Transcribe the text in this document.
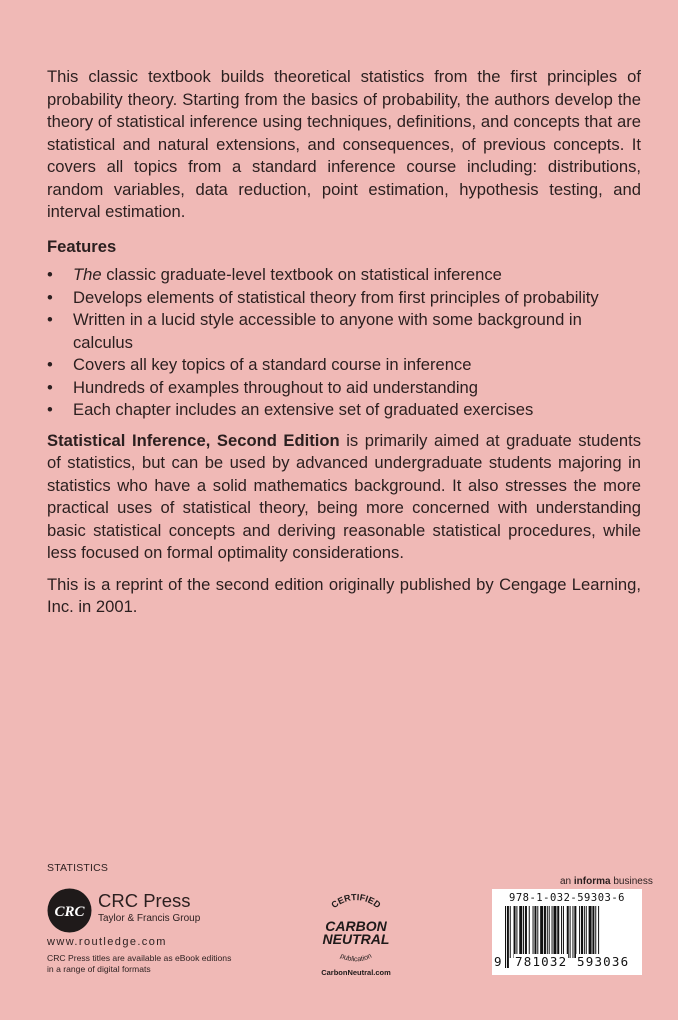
This classic textbook builds theoretical statistics from the first principles of probability theory. Starting from the basics of probability, the authors develop the theory of statistical inference using techniques, definitions, and concepts that are statistical and natural extensions, and consequences, of previous concepts. It covers all topics from a standard inference course including: distributions, random variables, data reduction, point estimation, hypothesis testing, and interval estimation.

Features
• The classic graduate-level textbook on statistical inference
• Develops elements of statistical theory from first principles of probability
• Written in a lucid style accessible to anyone with some background in calculus
• Covers all key topics of a standard course in inference
• Hundreds of examples throughout to aid understanding
• Each chapter includes an extensive set of graduated exercises

Statistical Inference, Second Edition is primarily aimed at graduate students of statistics, but can be used by advanced undergraduate students majoring in statistics who have a solid mathematics background. It also stresses the more practical uses of statistical theory, being more concerned with understanding basic statistical concepts and deriving reasonable statistical procedures, while less focused on formal optimality considerations.

This is a reprint of the second edition originally published by Cengage Learning, Inc. in 2001.

STATISTICS
CRC
CRC Press
Taylor & Francis Group
www.routledge.com
CRC Press titles are available as eBook editions
in a range of digital formats
CERTIFIED
CARBON
NEUTRAL
publication
CarbonNeutral.com
an informa business
978-1-032-59303-6
9 781032 593036
